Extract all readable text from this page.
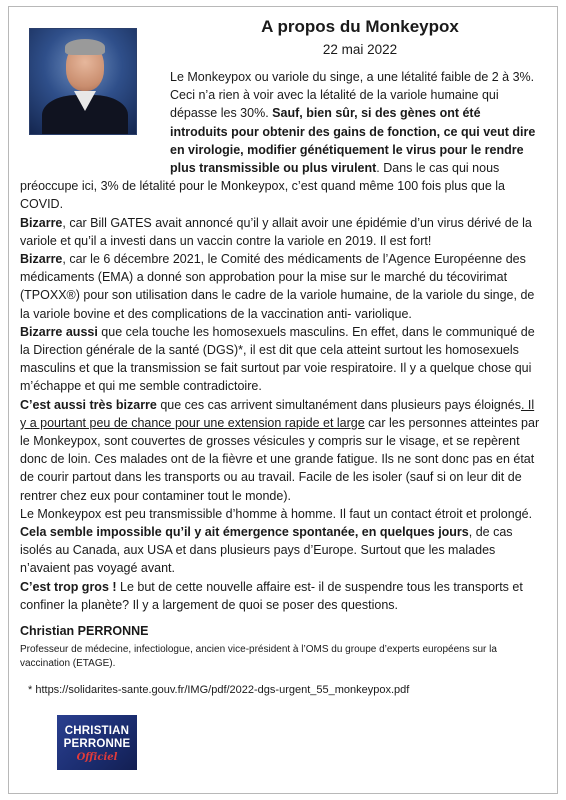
A propos du Monkeypox
22 mai 2022

Le Monkeypox ou variole du singe, a une létalité faible de 2 à 3%. Ceci n’a rien à voir avec la létalité de la variole humaine qui dépasse les 30%. Sauf, bien sûr, si des gènes ont été introduits pour obtenir des gains de fonction, ce qui veut dire en virologie, modifier génétiquement le virus pour le rendre plus transmissible ou plus virulent. Dans le cas qui nous préoccupe ici, 3% de létalité pour le Monkeypox, c’est quand même 100 fois plus que la COVID.

Bizarre, car Bill GATES avait annoncé qu’il y allait avoir une épidémie d’un virus dérivé de la variole et qu’il a investi dans un vaccin contre la variole en 2019. Il est fort!

Bizarre, car le 6 décembre 2021, le Comité des médicaments de l’Agence Européenne des médicaments (EMA) a donné son approbation pour la mise sur le marché du técovirimat (TPOXX®) pour son utilisation dans le cadre de la variole humaine, de la variole du singe, de la variole bovine et des complications de la vaccination anti- variolique.

Bizarre aussi que cela touche les homosexuels masculins. En effet, dans le communiqué de la Direction générale de la santé (DGS)*, il est dit que cela atteint surtout les homosexuels masculins et que la transmission se fait surtout par voie respiratoire. Il y a quelque chose qui m’échappe et qui me semble contradictoire.

C’est aussi très bizarre que ces cas arrivent simultanément dans plusieurs pays éloignés. Il y a pourtant peu de chance pour une extension rapide et large car les personnes atteintes par le Monkeypox, sont couvertes de grosses vésicules y compris sur le visage, et se repèrent donc de loin. Ces malades ont de la fièvre et une grande fatigue. Ils ne sont donc pas en état de courir partout dans les transports ou au travail. Facile de les isoler (sauf si on leur dit de rentrer chez eux pour contaminer tout le monde).

Le Monkeypox est peu transmissible d’homme à homme. Il faut un contact étroit et prolongé. Cela semble impossible qu’il y ait émergence spontanée, en quelques jours, de cas isolés au Canada, aux USA et dans plusieurs pays d’Europe. Surtout que les malades n’avaient pas voyagé avant.

C’est trop gros ! Le but de cette nouvelle affaire est- il de suspendre tous les transports et confiner la planète? Il y a largement de quoi se poser des questions.

Christian PERRONNE
Professeur de médecine, infectiologue, ancien vice-président à l’OMS du groupe d’experts européens sur la vaccination (ETAGE).
* https://solidarites-sante.gouv.fr/IMG/pdf/2022-dgs-urgent_55_monkeypox.pdf
CHRISTIAN
PERRONNE
Officiel
